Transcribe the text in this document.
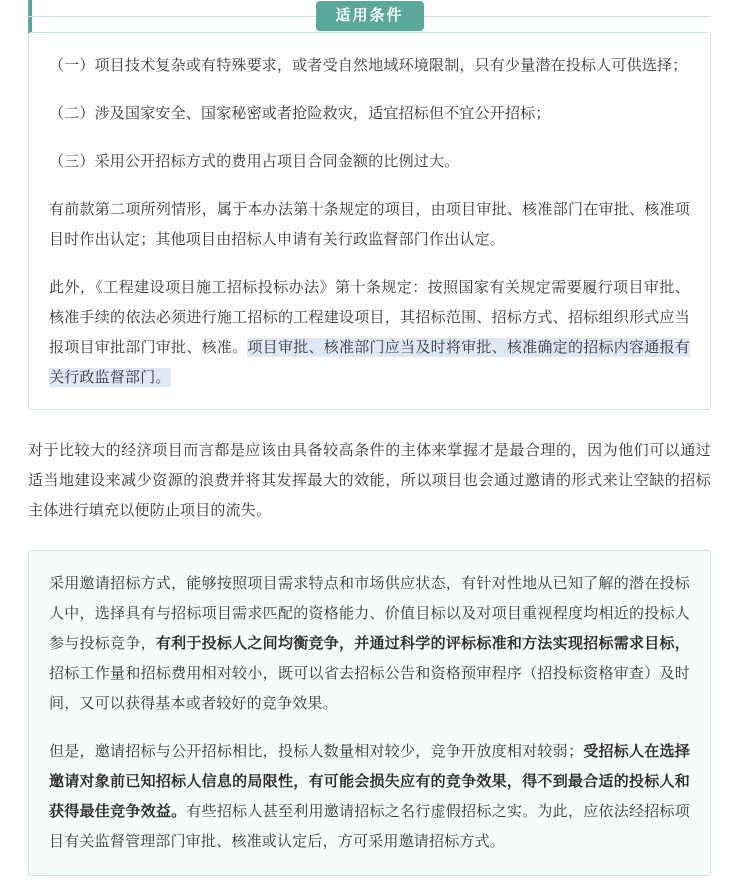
适用条件

（一）项目技术复杂或有特殊要求，或者受自然地域环境限制，只有少量潜在投标人可供选择；

（二）涉及国家安全、国家秘密或者抢险救灾，适宜招标但不宜公开招标；

（三）采用公开招标方式的费用占项目合同金额的比例过大。

有前款第二项所列情形，属于本办法第十条规定的项目，由项目审批、核准部门在审批、核准项目时作出认定；其他项目由招标人申请有关行政监督部门作出认定。

此外，《工程建设项目施工招标投标办法》第十条规定：按照国家有关规定需要履行项目审批、核准手续的依法必须进行施工招标的工程建设项目，其招标范围、招标方式、招标组织形式应当报项目审批部门审批、核准。项目审批、核准部门应当及时将审批、核准确定的招标内容通报有关行政监督部门。

对于比较大的经济项目而言都是应该由具备较高条件的主体来掌握才是最合理的，因为他们可以通过适当地建设来减少资源的浪费并将其发挥最大的效能，所以项目也会通过邀请的形式来让空缺的招标主体进行填充以便防止项目的流失。

采用邀请招标方式，能够按照项目需求特点和市场供应状态，有针对性地从已知了解的潜在投标人中，选择具有与招标项目需求匹配的资格能力、价值目标以及对项目重视程度均相近的投标人参与投标竞争，有利于投标人之间均衡竞争，并通过科学的评标标准和方法实现招标需求目标，招标工作量和招标费用相对较小，既可以省去招标公告和资格预审程序（招投标资格审查）及时间，又可以获得基本或者较好的竞争效果。

但是，邀请招标与公开招标相比，投标人数量相对较少，竞争开放度相对较弱；受招标人在选择邀请对象前已知招标人信息的局限性，有可能会损失应有的竞争效果，得不到最合适的投标人和获得最佳竞争效益。有些招标人甚至利用邀请招标之名行虚假招标之实。为此，应依法经招标项目有关监督管理部门审批、核准或认定后，方可采用邀请招标方式。
